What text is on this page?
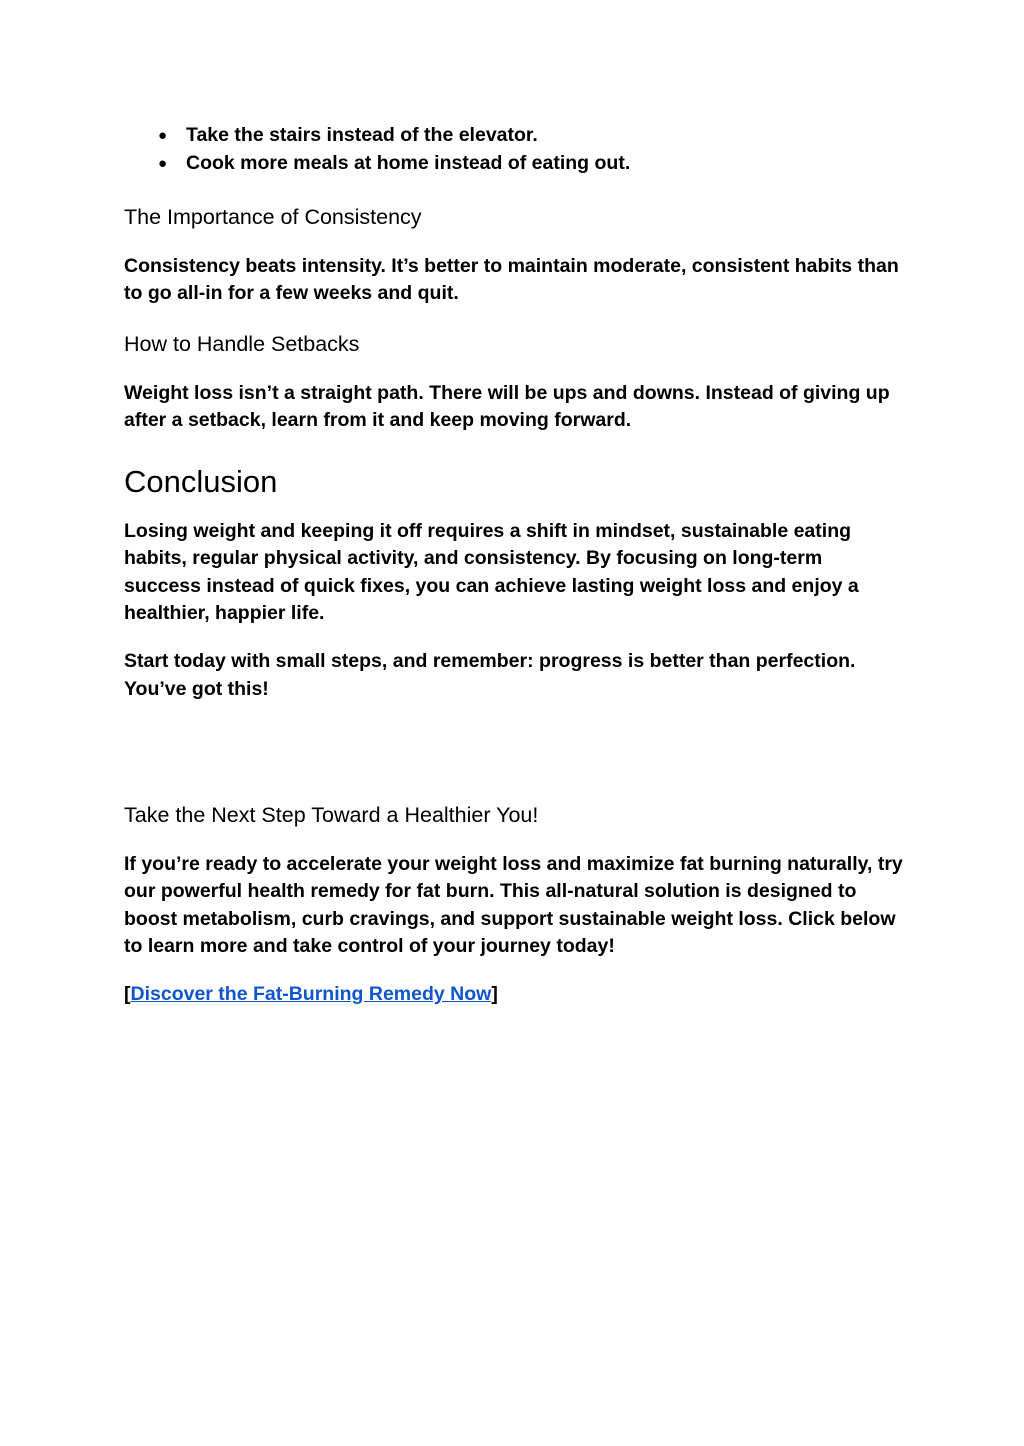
● Take the stairs instead of the elevator.
● Cook more meals at home instead of eating out.
The Importance of Consistency

Consistency beats intensity. It’s better to maintain moderate, consistent habits than to go all-in for a few weeks and quit.

How to Handle Setbacks

Weight loss isn’t a straight path. There will be ups and downs. Instead of giving up after a setback, learn from it and keep moving forward.

Conclusion

Losing weight and keeping it off requires a shift in mindset, sustainable eating habits, regular physical activity, and consistency. By focusing on long-term success instead of quick fixes, you can achieve lasting weight loss and enjoy a healthier, happier life.

Start today with small steps, and remember: progress is better than perfection. You’ve got this!

Take the Next Step Toward a Healthier You!

If you’re ready to accelerate your weight loss and maximize fat burning naturally, try our powerful health remedy for fat burn. This all-natural solution is designed to boost metabolism, curb cravings, and support sustainable weight loss. Click below to learn more and take control of your journey today!

[Discover the Fat-Burning Remedy Now]
